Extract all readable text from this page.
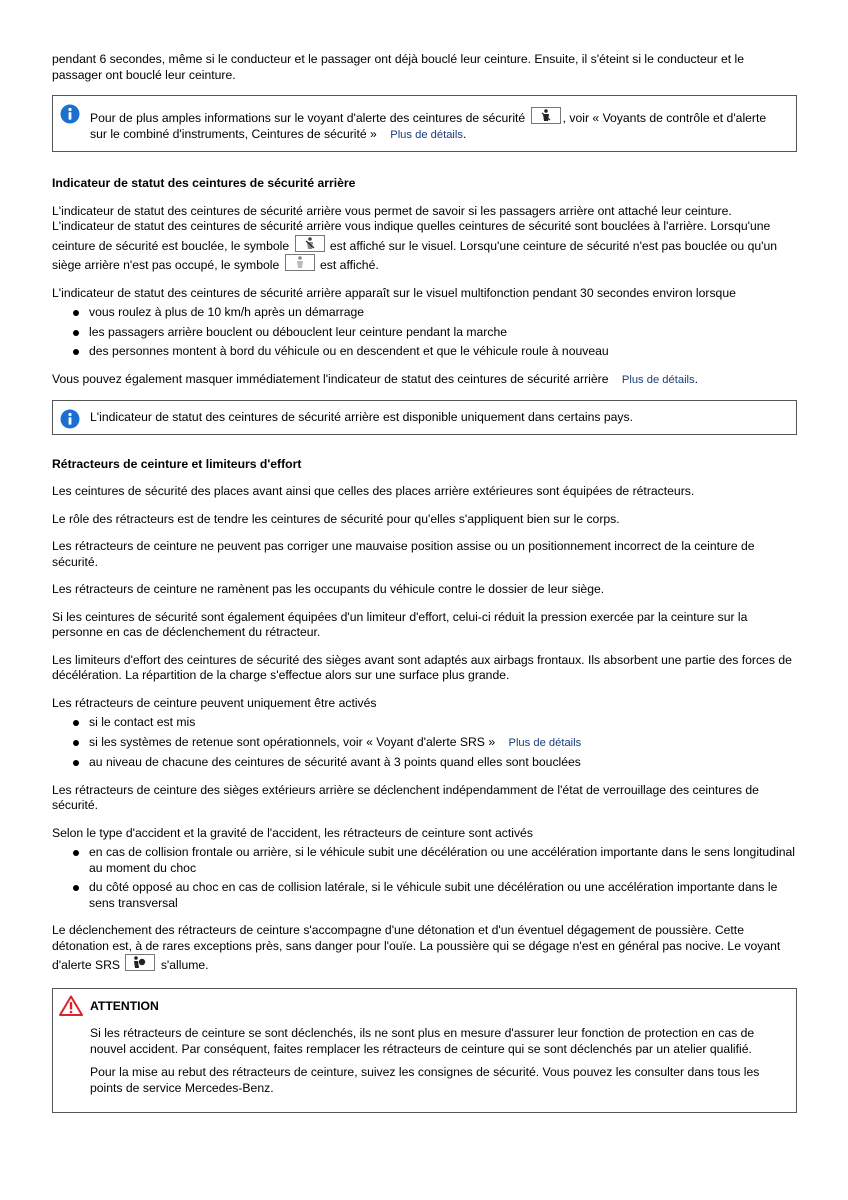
pendant 6 secondes, même si le conducteur et le passager ont déjà bouclé leur ceinture. Ensuite, il s'éteint si le conducteur et le passager ont bouclé leur ceinture.

Pour de plus amples informations sur le voyant d'alerte des ceintures de sécurité	, voir « Voyants de contrôle et d'alerte sur le combiné d'instruments, Ceintures de sécurité » Plus de détails.
Indicateur de statut des ceintures de sécurité arrière

L'indicateur de statut des ceintures de sécurité arrière vous permet de savoir si les passagers arrière ont attaché leur ceinture. L'indicateur de statut des ceintures de sécurité arrière vous indique quelles ceintures de sécurité sont bouclées à l'arrière. Lorsqu'une ceinture de sécurité est bouclée, le symbole	est affiché sur le visuel. Lorsqu'une ceinture de sécurité n'est pas bouclée ou qu'un siège arrière n'est pas occupé, le symbole	est affiché.

L'indicateur de statut des ceintures de sécurité arrière apparaît sur le visuel multifonction pendant 30 secondes environ lorsque

vous roulez à plus de 10 km/h après un démarrage
les passagers arrière bouclent ou débouclent leur ceinture pendant la marche
des personnes montent à bord du véhicule ou en descendent et que le véhicule roule à nouveau

Vous pouvez également masquer immédiatement l'indicateur de statut des ceintures de sécurité arrière Plus de détails.

L'indicateur de statut des ceintures de sécurité arrière est disponible uniquement dans certains pays.
Rétracteurs de ceinture et limiteurs d'effort

Les ceintures de sécurité des places avant ainsi que celles des places arrière extérieures sont équipées de rétracteurs.

Le rôle des rétracteurs est de tendre les ceintures de sécurité pour qu'elles s'appliquent bien sur le corps.

Les rétracteurs de ceinture ne peuvent pas corriger une mauvaise position assise ou un positionnement incorrect de la ceinture de sécurité.

Les rétracteurs de ceinture ne ramènent pas les occupants du véhicule contre le dossier de leur siège.

Si les ceintures de sécurité sont également équipées d'un limiteur d'effort, celui-ci réduit la pression exercée par la ceinture sur la personne en cas de déclenchement du rétracteur.

Les limiteurs d'effort des ceintures de sécurité des sièges avant sont adaptés aux airbags frontaux. Ils absorbent une partie des forces de décélération. La répartition de la charge s'effectue alors sur une surface plus grande.

Les rétracteurs de ceinture peuvent uniquement être activés

si le contact est mis
si les systèmes de retenue sont opérationnels, voir « Voyant d'alerte SRS » Plus de détails
au niveau de chacune des ceintures de sécurité avant à 3 points quand elles sont bouclées

Les rétracteurs de ceinture des sièges extérieurs arrière se déclenchent indépendamment de l'état de verrouillage des ceintures de sécurité.

Selon le type d'accident et la gravité de l'accident, les rétracteurs de ceinture sont activés

en cas de collision frontale ou arrière, si le véhicule subit une décélération ou une accélération importante dans le sens longitudinal au moment du choc
du côté opposé au choc en cas de collision latérale, si le véhicule subit une décélération ou une accélération importante dans le sens transversal

Le déclenchement des rétracteurs de ceinture s'accompagne d'une détonation et d'un éventuel dégagement de poussière. Cette détonation est, à de rares exceptions près, sans danger pour l'ouïe. La poussière qui se dégage n'est en général pas nocive. Le voyant d'alerte SRS	s'allume.

ATTENTION

Si les rétracteurs de ceinture se sont déclenchés, ils ne sont plus en mesure d'assurer leur fonction de protection en cas de nouvel accident. Par conséquent, faites remplacer les rétracteurs de ceinture qui se sont déclenchés par un atelier qualifié.

Pour la mise au rebut des rétracteurs de ceinture, suivez les consignes de sécurité. Vous pouvez les consulter dans tous les points de service Mercedes-Benz.
